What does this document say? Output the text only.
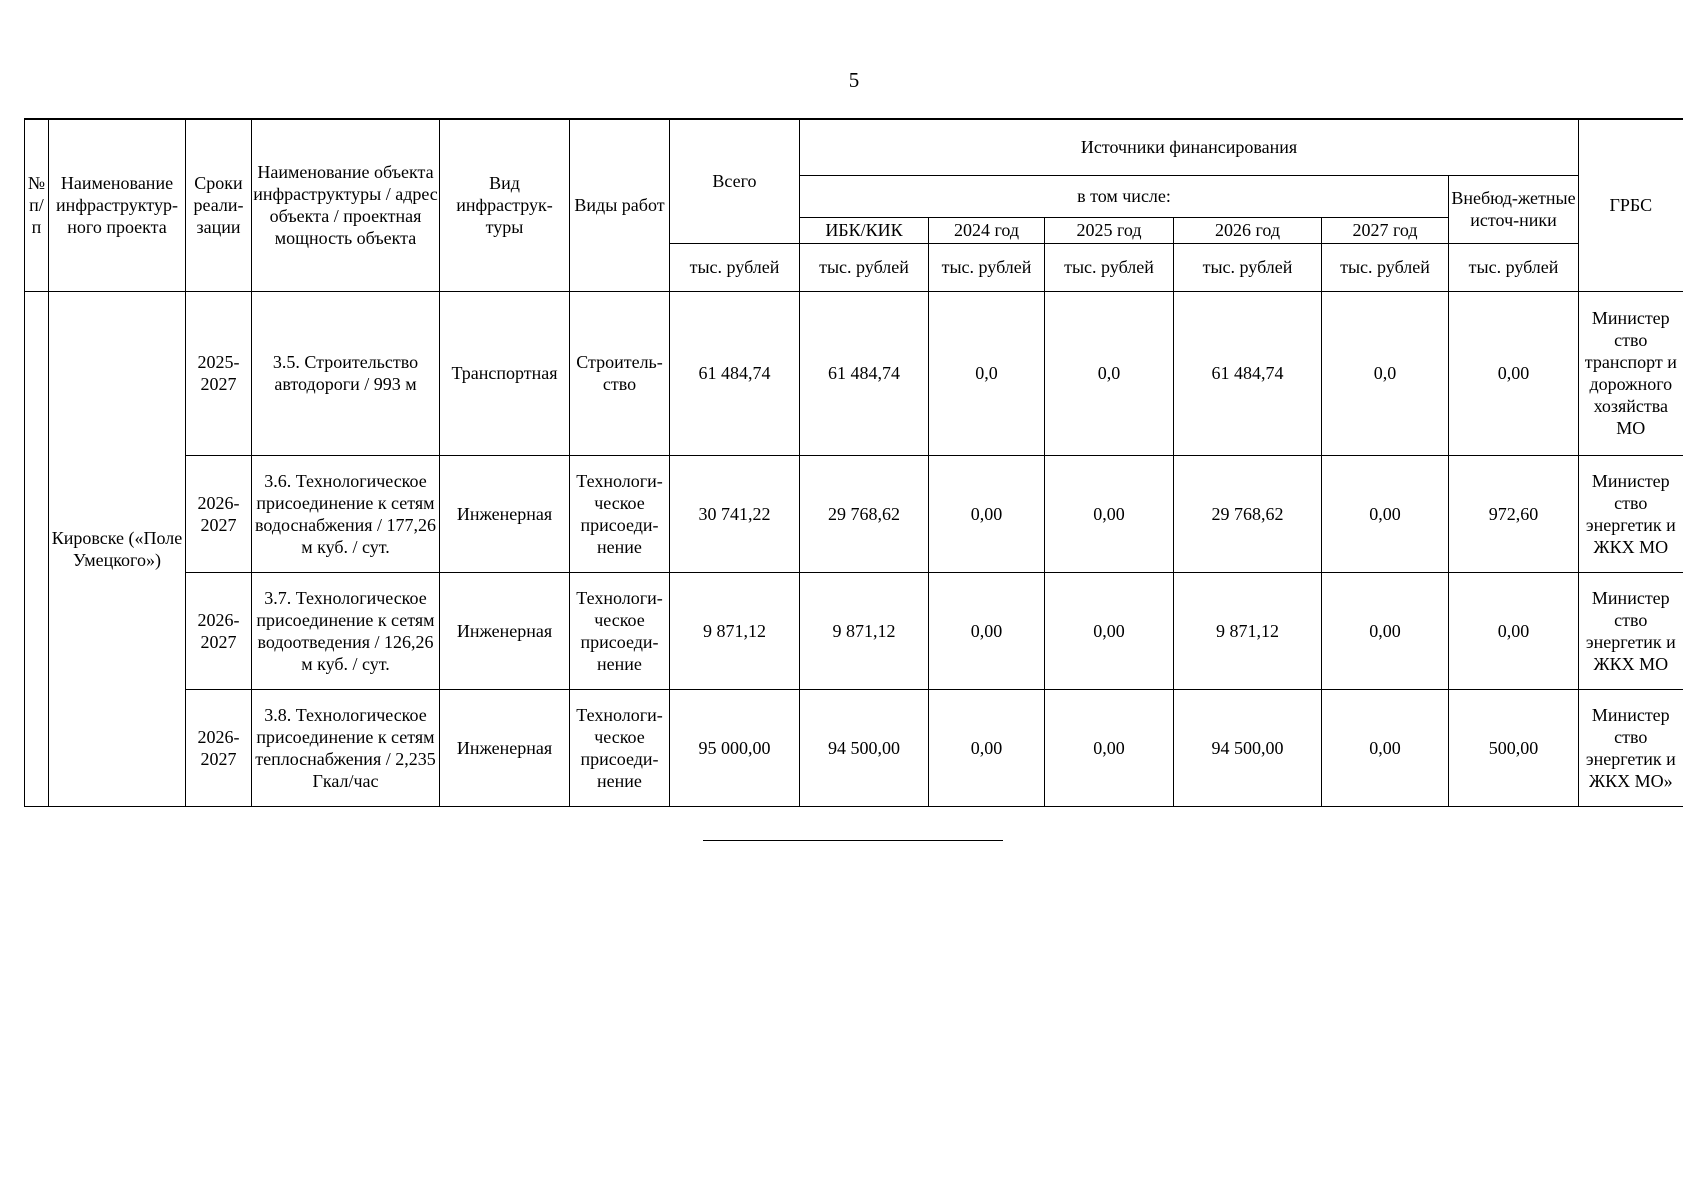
5
№ п/п	Наименование инфраструктур-ного проекта	Сроки реали-зации	Наименование объекта инфраструктуры / адрес объекта / проектная мощность объекта	Вид инфраструк-туры	Виды работ	Всего	Источники финансирования						ГРБС
							в том числе:					Внебюд-жетные источ-ники	
							ИБК/КИК	2024 год	2025 год	2026 год	2027 год		
						тыс. рублей	тыс. рублей	тыс. рублей	тыс. рублей	тыс. рублей	тыс. рублей	тыс. рублей	
	Кировске («Поле Умецкого»)	2025-2027	3.5. Строительство автодороги / 993 м	Транспортная	Строитель-ство	61 484,74	61 484,74	0,0	0,0	61 484,74	0,0	0,00	Министер ство транспорт и дорожного хозяйства МО
		2026-2027	3.6. Технологическое присоединение к сетям водоснабжения / 177,26 м куб. / сут.	Инженерная	Технологи-ческое присоеди-нение	30 741,22	29 768,62	0,00	0,00	29 768,62	0,00	972,60	Министер ство энергетик и ЖКХ МО
		2026-2027	3.7. Технологическое присоединение к сетям водоотведения / 126,26 м куб. / сут.	Инженерная	Технологи-ческое присоеди-нение	9 871,12	9 871,12	0,00	0,00	9 871,12	0,00	0,00	Министер ство энергетик и ЖКХ МО
		2026-2027	3.8. Технологическое присоединение к сетям теплоснабжения / 2,235 Гкал/час	Инженерная	Технологи-ческое присоеди-нение	95 000,00	94 500,00	0,00	0,00	94 500,00	0,00	500,00	Министер ство энергетик и ЖКХ МО»
